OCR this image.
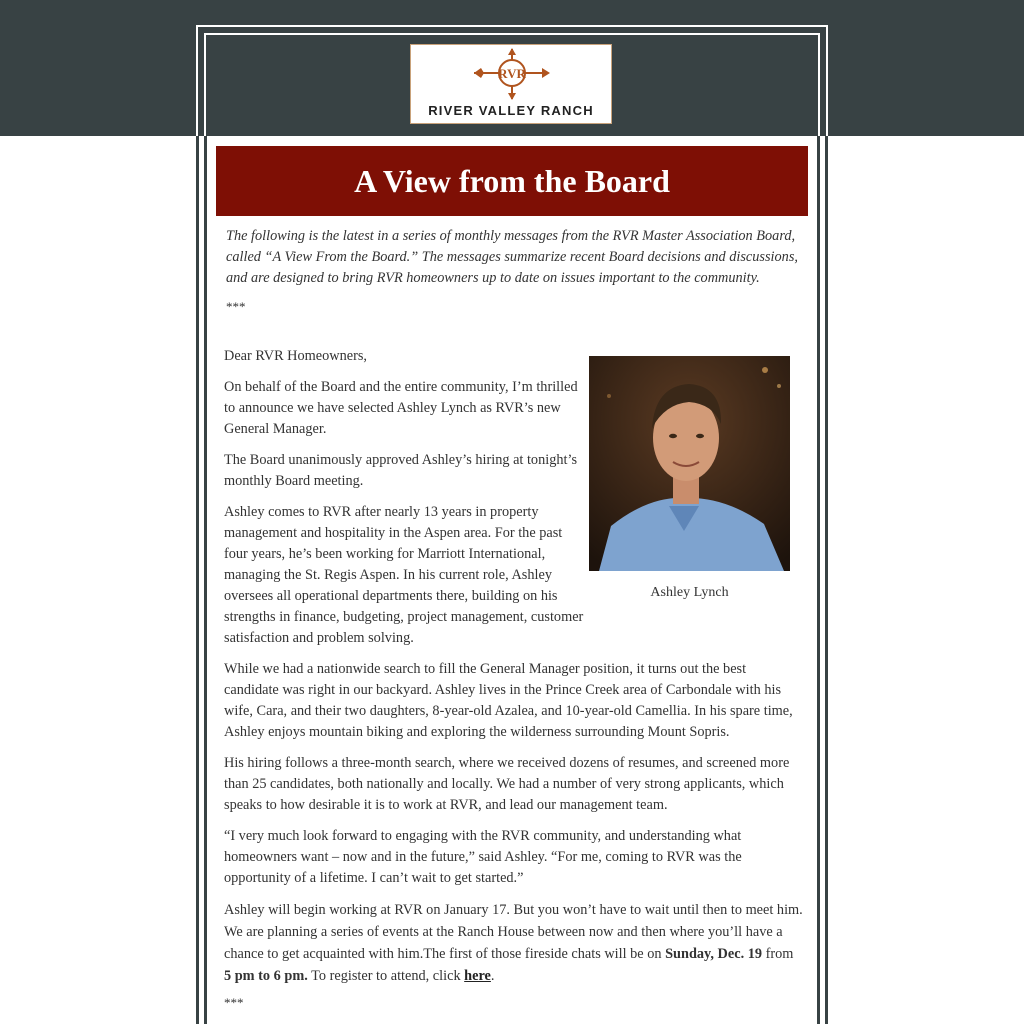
RVR
RIVER VALLEY RANCH
A View from the Board
The following is the latest in a series of monthly messages from the RVR Master Association Board, called “A View From the Board.” The messages summarize recent Board decisions and discussions, and are designed to bring RVR homeowners up to date on issues important to the community.
***

Dear RVR Homeowners,

On behalf of the Board and the entire community, I’m thrilled to announce we have selected Ashley Lynch as RVR’s new General Manager.

The Board unanimously approved Ashley’s hiring at tonight’s monthly Board meeting.

Ashley comes to RVR after nearly 13 years in property management and hospitality in the Aspen area. For the past four years, he’s been working for Marriott International, managing the St. Regis Aspen. In his current role, Ashley oversees all operational departments there, building on his strengths in finance, budgeting, project management, customer satisfaction and problem solving.

Ashley Lynch

While we had a nationwide search to fill the General Manager position, it turns out the best candidate was right in our backyard. Ashley lives in the Prince Creek area of Carbondale with his wife, Cara, and their two daughters, 8-year-old Azalea, and 10-year-old Camellia. In his spare time, Ashley enjoys mountain biking and exploring the wilderness surrounding Mount Sopris.

His hiring follows a three-month search, where we received dozens of resumes, and screened more than 25 candidates, both nationally and locally. We had a number of very strong applicants, which speaks to how desirable it is to work at RVR, and lead our management team.

“I very much look forward to engaging with the RVR community, and understanding what homeowners want – now and in the future,” said Ashley. “For me, coming to RVR was the opportunity of a lifetime. I can’t wait to get started.”

Ashley will begin working at RVR on January 17. But you won’t have to wait until then to meet him. We are planning a series of events at the Ranch House between now and then where you’ll have a chance to get acquainted with him.The first of those fireside chats will be on Sunday, Dec. 19 from 5 pm to 6 pm. To register to attend, click here.

***
